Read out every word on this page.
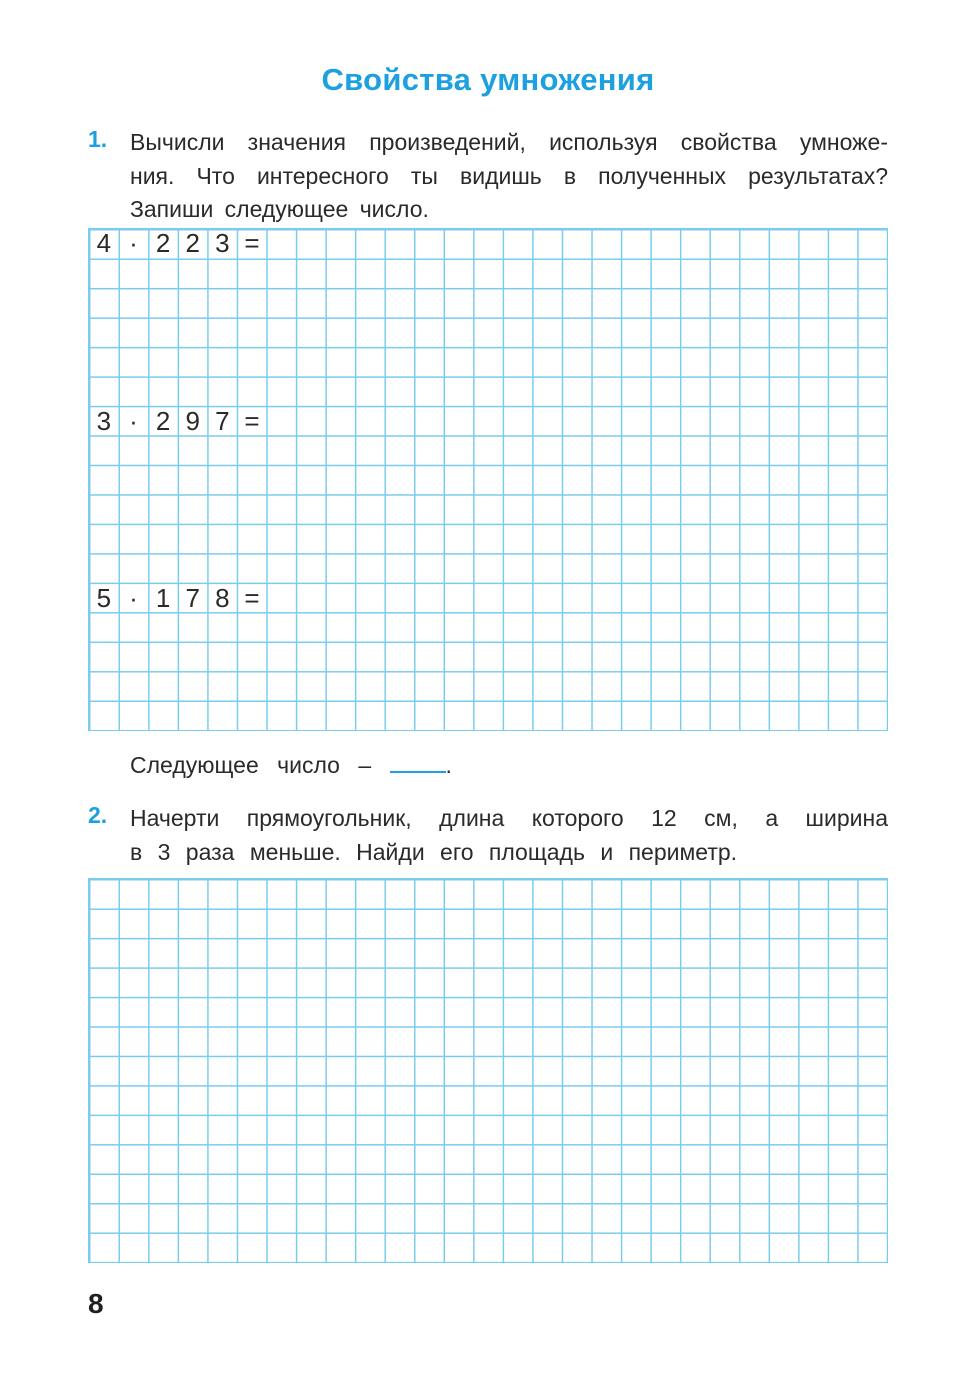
Свойства умножения
1. Вычисли значения произведений, используя свойства умноже-
ния. Что интересного ты видишь в полученных результатах?
Запиши следующее число.
4 · 2 2 3 =
3 · 2 9 7 =
5 · 1 7 8 =
Следующее число –	.
2. Начерти прямоугольник, длина которого 12 см, а ширина
в 3 раза меньше. Найди его площадь и периметр.
8
